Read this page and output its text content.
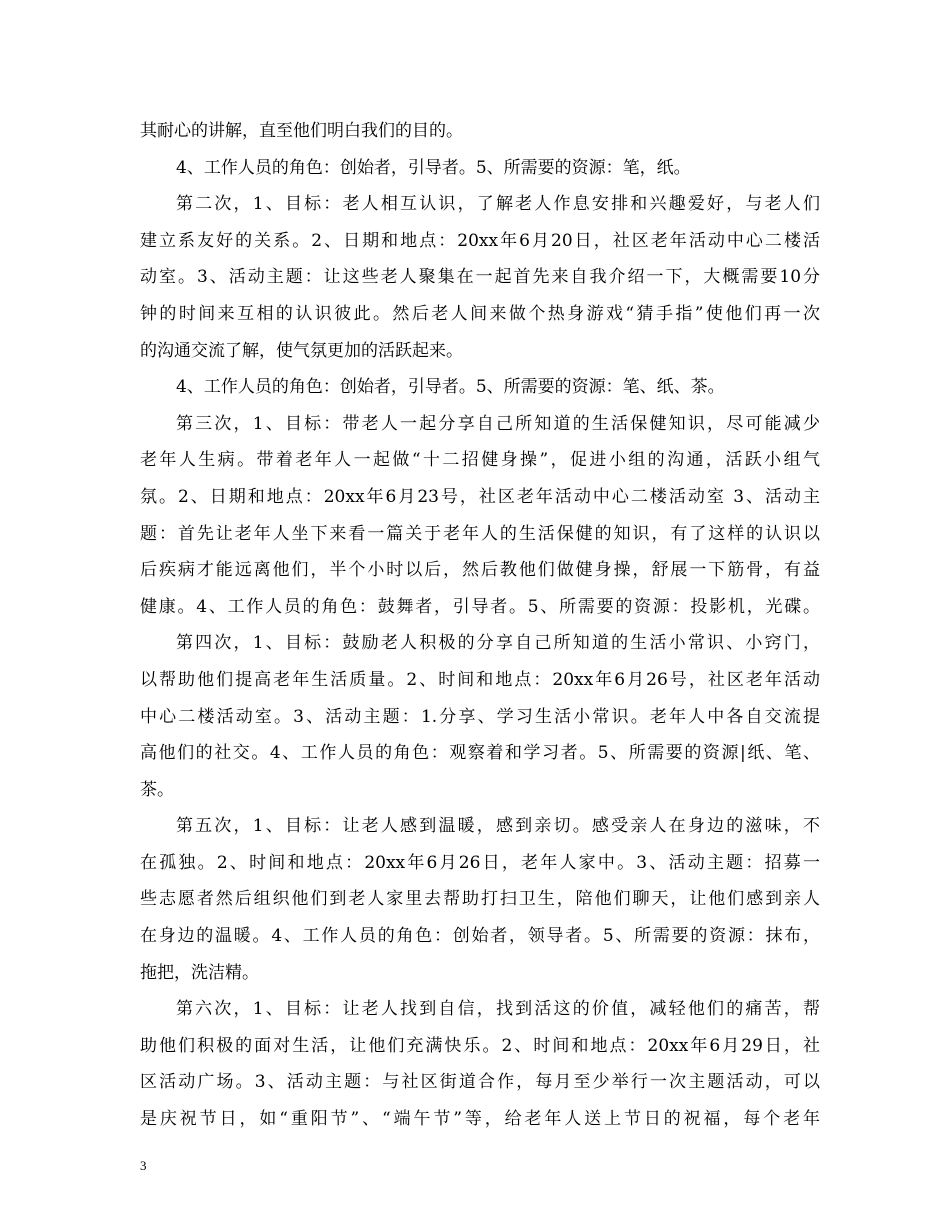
其耐心的讲解，直至他们明白我们的目的。
4、工作人员的角色：创始者，引导者。5、所需要的资源：笔，纸。
第二次，1、目标：老人相互认识，了解老人作息安排和兴趣爱好，与老人们
建立系友好的关系。2、日期和地点：20xx年6月20日，社区老年活动中心二楼活
动室。3、活动主题：让这些老人聚集在一起首先来自我介绍一下，大概需要10分
钟的时间来互相的认识彼此。然后老人间来做个热身游戏“猜手指”使他们再一次
的沟通交流了解，使气氛更加的活跃起来。
4、工作人员的角色：创始者，引导者。5、所需要的资源：笔、纸、茶。
第三次，1、目标：带老人一起分享自己所知道的生活保健知识，尽可能减少
老年人生病。带着老年人一起做“十二招健身操”，促进小组的沟通，活跃小组气
氛。2、日期和地点：20xx年6月23号，社区老年活动中心二楼活动室 3、活动主
题：首先让老年人坐下来看一篇关于老年人的生活保健的知识，有了这样的认识以
后疾病才能远离他们，半个小时以后，然后教他们做健身操，舒展一下筋骨，有益
健康。4、工作人员的角色：鼓舞者，引导者。5、所需要的资源：投影机，光碟。
第四次，1、目标：鼓励老人积极的分享自己所知道的生活小常识、小窍门，
以帮助他们提高老年生活质量。2、时间和地点：20xx年6月26号，社区老年活动
中心二楼活动室。3、活动主题：1.分享、学习生活小常识。老年人中各自交流提
高他们的社交。4、工作人员的角色：观察着和学习者。5、所需要的资源|纸、笔、
茶。
第五次，1、目标：让老人感到温暖，感到亲切。感受亲人在身边的滋味，不
在孤独。2、时间和地点：20xx年6月26日，老年人家中。3、活动主题：招募一
些志愿者然后组织他们到老人家里去帮助打扫卫生，陪他们聊天，让他们感到亲人
在身边的温暖。4、工作人员的角色：创始者，领导者。5、所需要的资源：抹布，
拖把，洗洁精。
第六次，1、目标：让老人找到自信，找到活这的价值，减轻他们的痛苦，帮
助他们积极的面对生活，让他们充满快乐。2、时间和地点：20xx年6月29日，社
区活动广场。3、活动主题：与社区街道合作，每月至少举行一次主题活动，可以
是庆祝节日，如“重阳节”、“端午节”等，给老年人送上节日的祝福，每个老年
3
